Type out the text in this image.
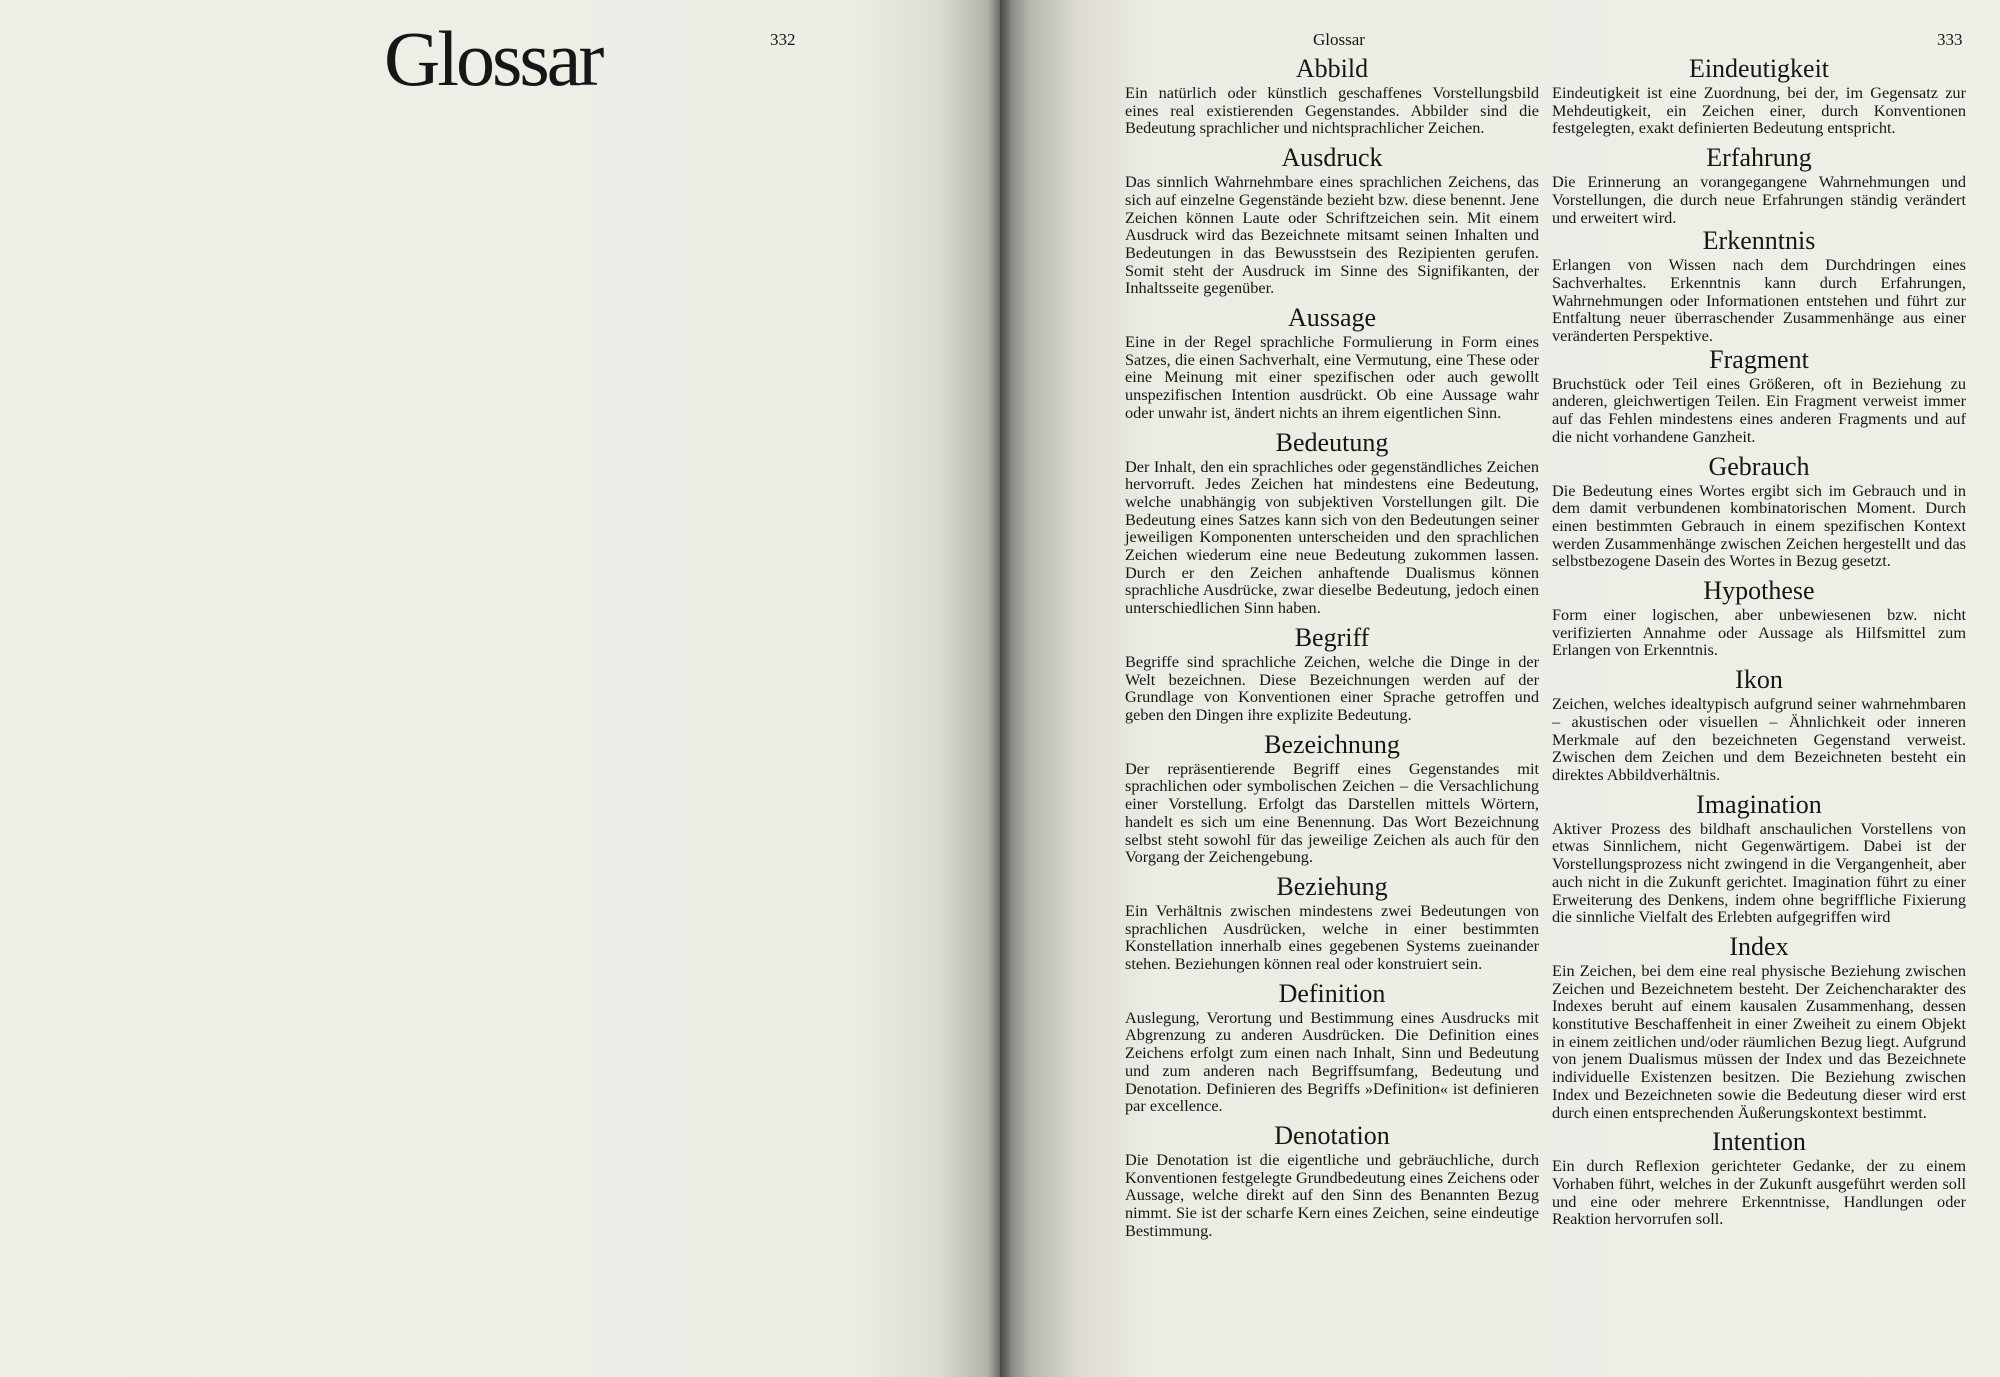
Glossar	332	Glossar	333
Abbild

Ein natürlich oder künstlich geschaffenes Vorstellungsbild eines real existierenden Gegenstandes. Abbilder sind die Bedeutung sprachlicher und nichtsprachlicher Zeichen.

Ausdruck

Das sinnlich Wahrnehmbare eines sprachlichen Zeichens, das sich auf einzelne Gegenstände bezieht bzw. diese benennt. Jene Zeichen können Laute oder Schriftzeichen sein. Mit einem Ausdruck wird das Bezeichnete mitsamt seinen Inhalten und Bedeutungen in das Bewusstsein des Rezipienten gerufen. Somit steht der Ausdruck im Sinne des Signifikanten, der Inhaltsseite gegenüber.

Aussage

Eine in der Regel sprachliche Formulierung in Form eines Satzes, die einen Sachverhalt, eine Vermutung, eine These oder eine Meinung mit einer spezifischen oder auch gewollt unspezifischen Intention ausdrückt. Ob eine Aussage wahr oder unwahr ist, ändert nichts an ihrem eigentlichen Sinn.

Bedeutung

Der Inhalt, den ein sprachliches oder gegenständliches Zeichen hervorruft. Jedes Zeichen hat mindestens eine Bedeutung, welche unabhängig von subjektiven Vorstellungen gilt. Die Bedeutung eines Satzes kann sich von den Bedeutungen seiner jeweiligen Komponenten unterscheiden und den sprachlichen Zeichen wiederum eine neue Bedeutung zukommen lassen. Durch er den Zeichen anhaftende Dualismus können sprachliche Ausdrücke, zwar dieselbe Bedeutung, jedoch einen unterschiedlichen Sinn haben.

Begriff

Begriffe sind sprachliche Zeichen, welche die Dinge in der Welt bezeichnen. Diese Bezeichnungen werden auf der Grundlage von Konventionen einer Sprache getroffen und geben den Dingen ihre explizite Bedeutung.

Bezeichnung

Der repräsentierende Begriff eines Gegenstandes mit sprachlichen oder symbolischen Zeichen – die Versachlichung einer Vorstellung. Erfolgt das Darstellen mittels Wörtern, handelt es sich um eine Benennung. Das Wort Bezeichnung selbst steht sowohl für das jeweilige Zeichen als auch für den Vorgang der Zeichengebung.

Beziehung

Ein Verhältnis zwischen mindestens zwei Bedeutungen von sprachlichen Ausdrücken, welche in einer bestimmten Konstellation innerhalb eines gegebenen Systems zueinander stehen. Beziehungen können real oder konstruiert sein.

Definition

Auslegung, Verortung und Bestimmung eines Ausdrucks mit Abgrenzung zu anderen Ausdrücken. Die Definition eines Zeichens erfolgt zum einen nach Inhalt, Sinn und Bedeutung und zum anderen nach Begriffsumfang, Bedeutung und Denotation. Definieren des Begriffs »Definition« ist definieren par excellence.

Denotation

Die Denotation ist die eigentliche und gebräuchliche, durch Konventionen festgelegte Grundbedeutung eines Zeichens oder Aussage, welche direkt auf den Sinn des Benannten Bezug nimmt. Sie ist der scharfe Kern eines Zeichen, seine eindeutige Bestimmung.

Eindeutigkeit

Eindeutigkeit ist eine Zuordnung, bei der, im Gegensatz zur Mehdeutigkeit, ein Zeichen einer, durch Konventionen festgelegten, exakt definierten Bedeutung entspricht.

Erfahrung

Die Erinnerung an vorangegangene Wahrnehmungen und Vorstellungen, die durch neue Erfahrungen ständig verändert und erweitert wird.

Erkenntnis

Erlangen von Wissen nach dem Durchdringen eines Sachverhaltes. Erkenntnis kann durch Erfahrungen, Wahrnehmungen oder Informationen entstehen und führt zur Entfaltung neuer überraschender Zusammenhänge aus einer veränderten Perspektive.

Fragment

Bruchstück oder Teil eines Größeren, oft in Beziehung zu anderen, gleichwertigen Teilen. Ein Fragment verweist immer auf das Fehlen mindestens eines anderen Fragments und auf die nicht vorhandene Ganzheit.

Gebrauch

Die Bedeutung eines Wortes ergibt sich im Gebrauch und in dem damit verbundenen kombinatorischen Moment. Durch einen bestimmten Gebrauch in einem spezifischen Kontext werden Zusammenhänge zwischen Zeichen hergestellt und das selbstbezogene Dasein des Wortes in Bezug gesetzt.

Hypothese

Form einer logischen, aber unbewiesenen bzw. nicht verifizierten Annahme oder Aussage als Hilfsmittel zum Erlangen von Erkenntnis.

Ikon

Zeichen, welches idealtypisch aufgrund seiner wahrnehmbaren – akustischen oder visuellen – Ähnlichkeit oder inneren Merkmale auf den bezeichneten Gegenstand verweist. Zwischen dem Zeichen und dem Bezeichneten besteht ein direktes Abbildverhältnis.

Imagination

Aktiver Prozess des bildhaft anschaulichen Vorstellens von etwas Sinnlichem, nicht Gegenwärtigem. Dabei ist der Vorstellungsprozess nicht zwingend in die Vergangenheit, aber auch nicht in die Zukunft gerichtet. Imagination führt zu einer Erweiterung des Denkens, indem ohne begriffliche Fixierung die sinnliche Vielfalt des Erlebten aufgegriffen wird

Index

Ein Zeichen, bei dem eine real physische Beziehung zwischen Zeichen und Bezeichnetem besteht. Der Zeichencharakter des Indexes beruht auf einem kausalen Zusammenhang, dessen konstitutive Beschaffenheit in einer Zweiheit zu einem Objekt in einem zeitlichen und/oder räumlichen Bezug liegt. Aufgrund von jenem Dualismus müssen der Index und das Bezeichnete individuelle Existenzen besitzen. Die Beziehung zwischen Index und Bezeichneten sowie die Bedeutung dieser wird erst durch einen entsprechenden Äußerungskontext bestimmt.

Intention

Ein durch Reflexion gerichteter Gedanke, der zu einem Vorhaben führt, welches in der Zukunft ausgeführt werden soll und eine oder mehrere Erkenntnisse, Handlungen oder Reaktion hervorrufen soll.
